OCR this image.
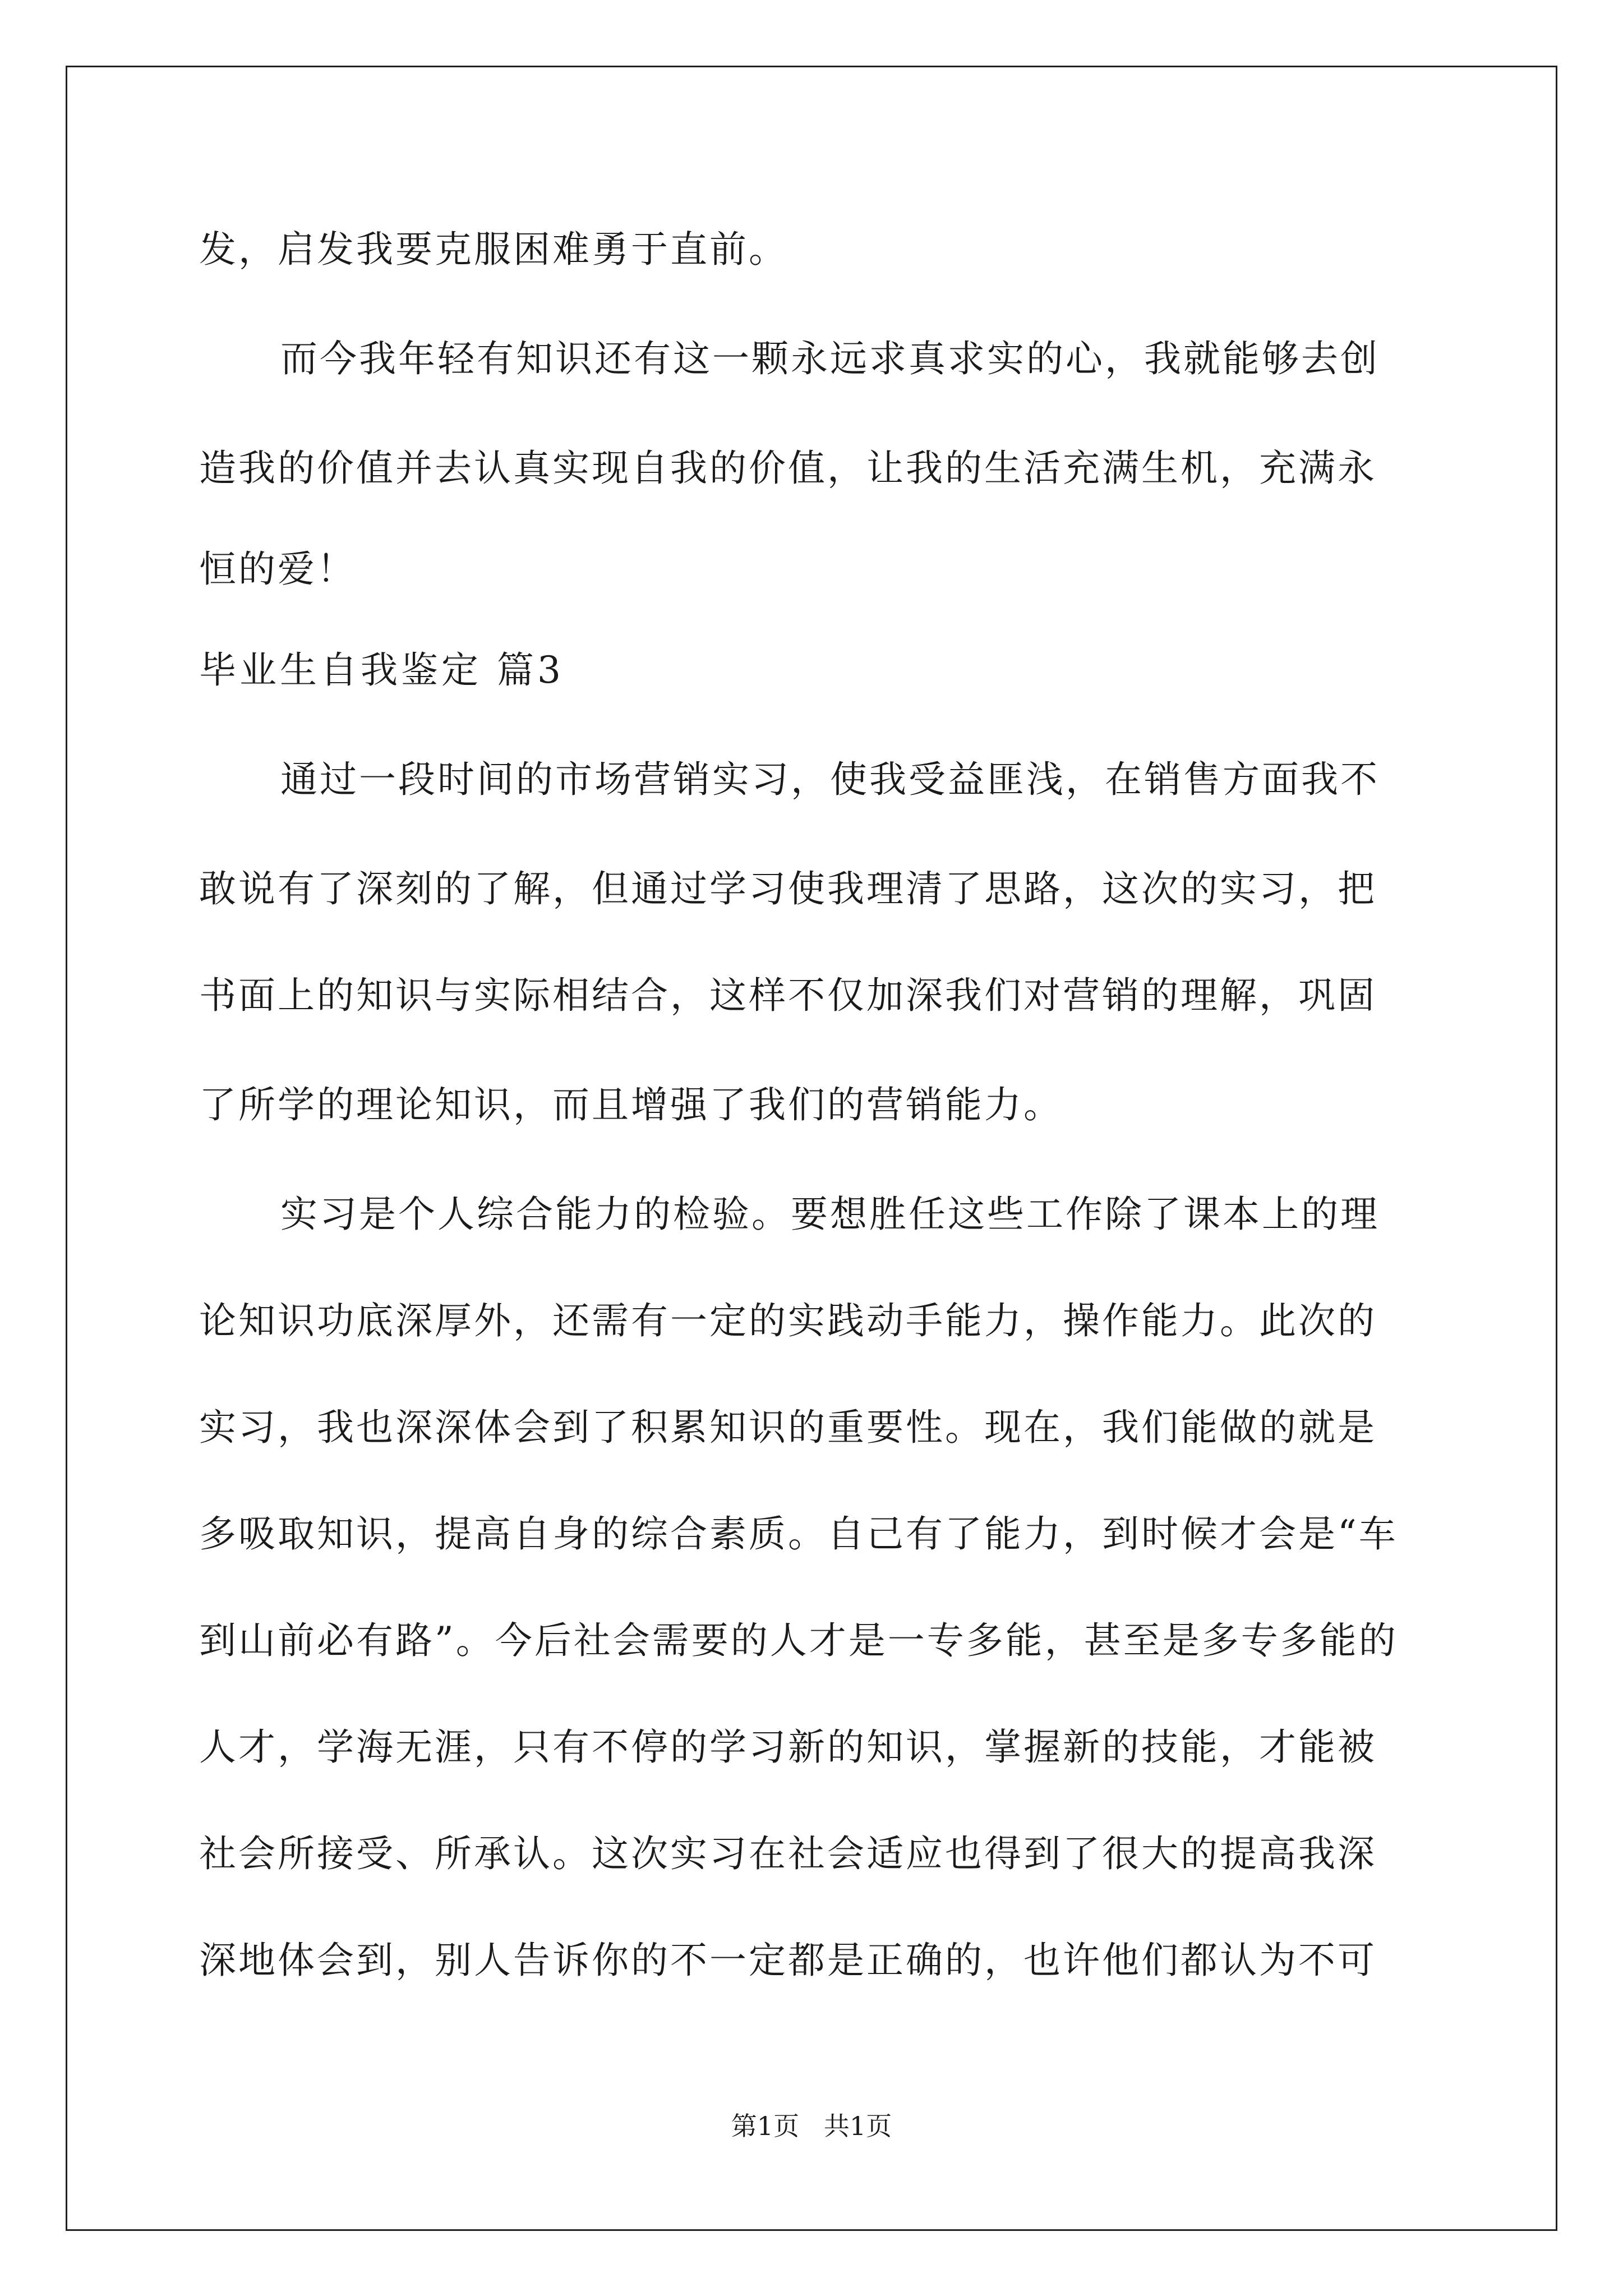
发，启发我要克服困难勇于直前。
而今我年轻有知识还有这一颗永远求真求实的心，我就能够去创
造我的价值并去认真实现自我的价值，让我的生活充满生机，充满永
恒的爱！
毕业生自我鉴定 篇3
通过一段时间的市场营销实习，使我受益匪浅，在销售方面我不
敢说有了深刻的了解，但通过学习使我理清了思路，这次的实习，把
书面上的知识与实际相结合，这样不仅加深我们对营销的理解，巩固
了所学的理论知识，而且增强了我们的营销能力。
实习是个人综合能力的检验。要想胜任这些工作除了课本上的理
论知识功底深厚外，还需有一定的实践动手能力，操作能力。此次的
实习，我也深深体会到了积累知识的重要性。现在，我们能做的就是
多吸取知识，提高自身的综合素质。自己有了能力，到时候才会是“车
到山前必有路”。今后社会需要的人才是一专多能，甚至是多专多能的
人才，学海无涯，只有不停的学习新的知识，掌握新的技能，才能被
社会所接受、所承认。这次实习在社会适应也得到了很大的提高我深
深地体会到，别人告诉你的不一定都是正确的，也许他们都认为不可
第1页   共1页
